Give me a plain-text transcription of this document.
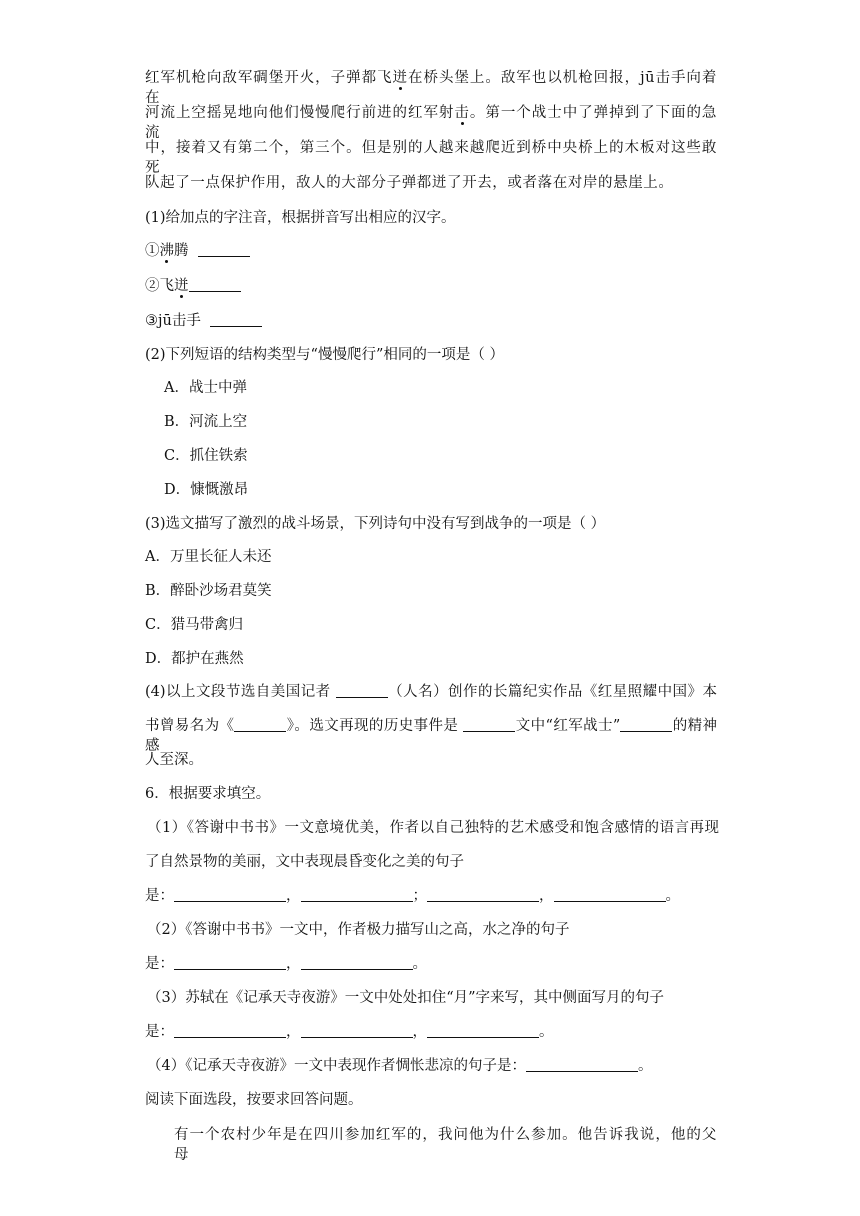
红军机枪向敌军碉堡开火，子弹都飞迸在桥头堡上。敌军也以机枪回报，jū击手向着在
河流上空摇晃地向他们慢慢爬行前进的红军射击。第一个战士中了弹掉到了下面的急流
中，接着又有第二个，第三个。但是别的人越来越爬近到桥中央桥上的木板对这些敢死
队起了一点保护作用，敌人的大部分子弹都迸了开去，或者落在对岸的悬崖上。
(1)给加点的字注音，根据拼音写出相应的汉字。
①沸腾
②飞迸
③jū击手
(2)下列短语的结构类型与“慢慢爬行”相同的一项是（ ）
A．战士中弹
B．河流上空
C．抓住铁索
D．慷慨激昂
(3)选文描写了激烈的战斗场景，下列诗句中没有写到战争的一项是（ ）
A．万里长征人未还
B．醉卧沙场君莫笑
C．猎马带禽归
D．都护在燕然
(4)以上文段节选自美国记者	（人名）创作的长篇纪实作品《红星照耀中国》本
书曾易名为《	》。选文再现的历史事件是	文中“红军战士”	的精神感
人至深。
6．根据要求填空。
（1）《答谢中书书》一文意境优美，作者以自己独特的艺术感受和饱含感情的语言再现
了自然景物的美丽，文中表现晨昏变化之美的句子
是：	，	；	，	。
（2）《答谢中书书》一文中，作者极力描写山之高，水之净的句子
是：	，	。
（3）苏轼在《记承天寺夜游》一文中处处扣住“月”字来写，其中侧面写月的句子
是：	，	，	。
（4）《记承天寺夜游》一文中表现作者惆怅悲凉的句子是：	。
阅读下面选段，按要求回答问题。
有一个农村少年是在四川参加红军的，我问他为什么参加。他告诉我说，他的父母
